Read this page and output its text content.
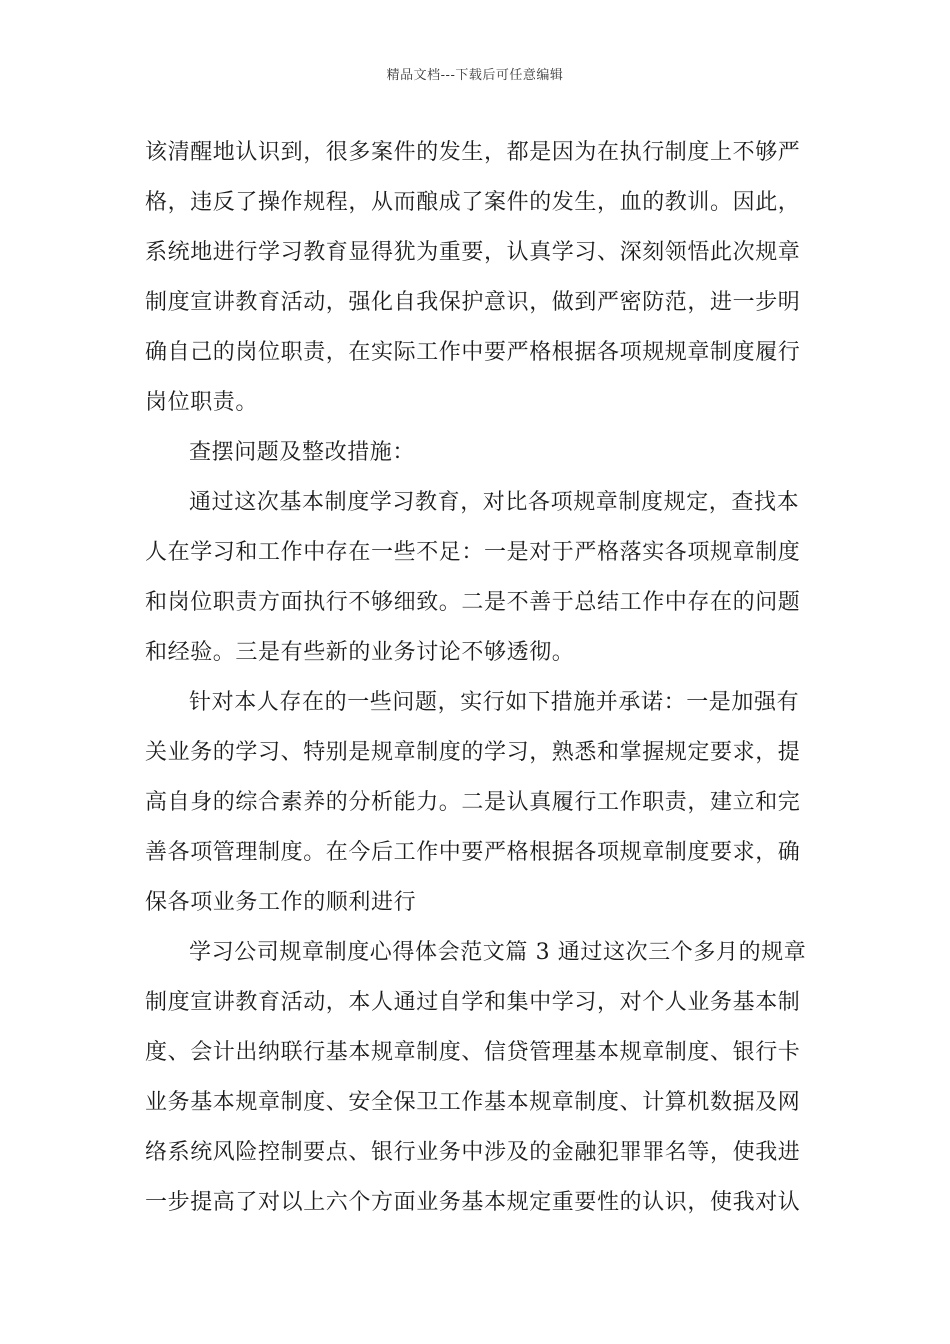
精品文档---下载后可任意编辑
该清醒地认识到，很多案件的发生，都是因为在执行制度上不够严
格，违反了操作规程，从而酿成了案件的发生，血的教训。因此，
系统地进行学习教育显得犹为重要，认真学习、深刻领悟此次规章
制度宣讲教育活动，强化自我保护意识，做到严密防范，进一步明
确自己的岗位职责，在实际工作中要严格根据各项规规章制度履行
岗位职责。
查摆问题及整改措施：
通过这次基本制度学习教育，对比各项规章制度规定，查找本
人在学习和工作中存在一些不足：一是对于严格落实各项规章制度
和岗位职责方面执行不够细致。二是不善于总结工作中存在的问题
和经验。三是有些新的业务讨论不够透彻。
针对本人存在的一些问题，实行如下措施并承诺：一是加强有
关业务的学习、特别是规章制度的学习，熟悉和掌握规定要求，提
高自身的综合素养的分析能力。二是认真履行工作职责，建立和完
善各项管理制度。在今后工作中要严格根据各项规章制度要求，确
保各项业务工作的顺利进行
学习公司规章制度心得体会范文篇 3 通过这次三个多月的规章
制度宣讲教育活动，本人通过自学和集中学习，对个人业务基本制
度、会计出纳联行基本规章制度、信贷管理基本规章制度、银行卡
业务基本规章制度、安全保卫工作基本规章制度、计算机数据及网
络系统风险控制要点、银行业务中涉及的金融犯罪罪名等，使我进
一步提高了对以上六个方面业务基本规定重要性的认识，使我对认
